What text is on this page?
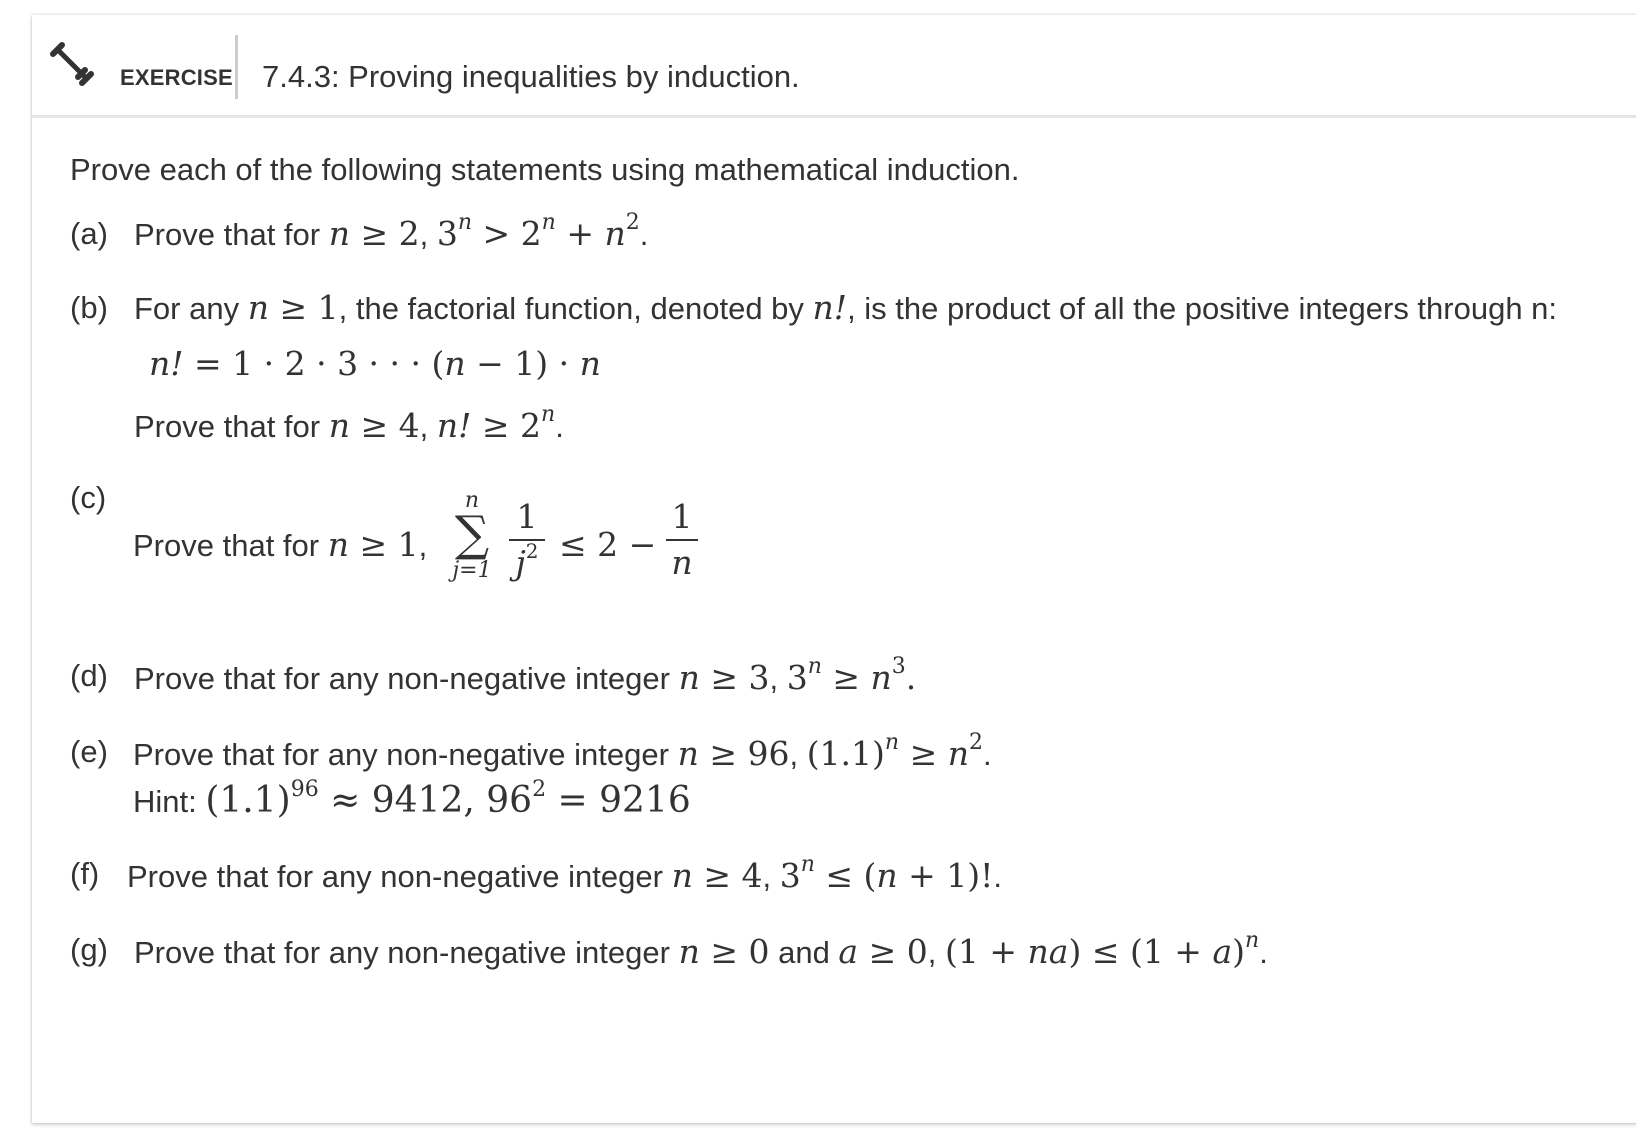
EXERCISE 7.4.3: Proving inequalities by induction.
Prove each of the following statements using mathematical induction.
(a) Prove that for n ≥ 2, $3^n > 2^n + n^2$.
(b) For any n ≥ 1, the factorial function, denoted by n!, is the product of all the positive integers through n:
n! = 1 · 2 · 3 · · · (n − 1) · n
Prove that for n ≥ 4, n! ≥ $2^n$.
(c)
Prove that for n ≥ 1,
n
∑
j=1
1
$j^2 \le 2$ −
1
n
(d) Prove that for any non-negative integer n ≥ 3, $3^n \ge n^3$.
(e) Prove that for any non-negative integer n ≥ 96, $(1.1)^n \ge n^2$.
Hint: $(1.1)^{96} \approx 9412$, $96^2 = 9216$
(f) Prove that for any non-negative integer n ≥ 4, $3^n \le (n + 1)$!.
(g) Prove that for any non-negative integer n ≥ 0 and a ≥ 0, $(1 + na) \le (1 + a)^n$.
